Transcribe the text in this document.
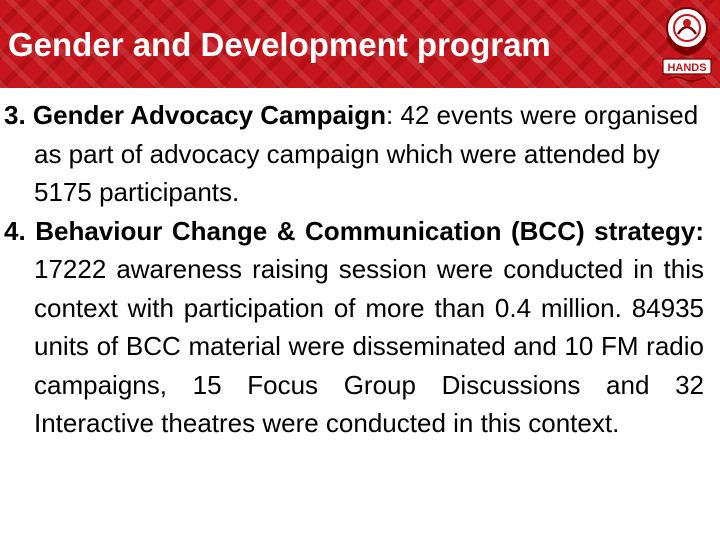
Gender and Development program
HANDS

3. Gender Advocacy Campaign: 42 events were organised as part of advocacy campaign which were attended by 5175 participants.

4. Behaviour Change & Communication (BCC) strategy: 17222 awareness raising session were conducted in this context with participation of more than 0.4 million. 84935 units of BCC material were disseminated and 10 FM radio campaigns, 15 Focus Group Discussions and 32 Interactive theatres were conducted in this context.
